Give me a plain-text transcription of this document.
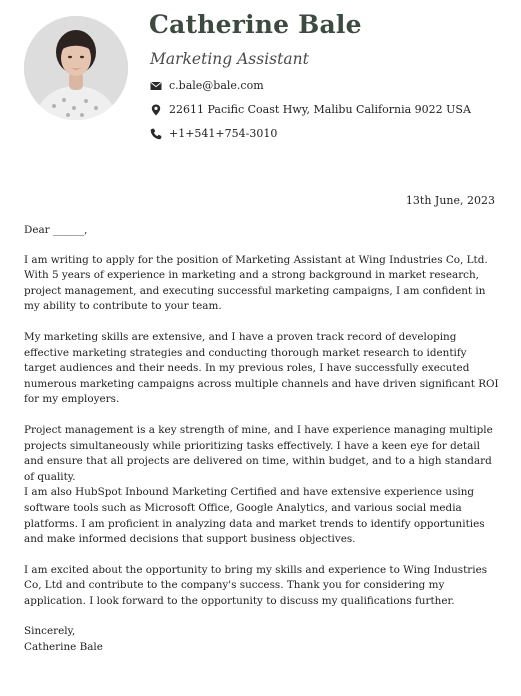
Catherine Bale
Marketing Assistant
c.bale@bale.com
22611 Pacific Coast Hwy, Malibu California 9022 USA
+1+541+754-3010
13th June, 2023

Dear ______,

I am writing to apply for the position of Marketing Assistant at Wing Industries Co, Ltd. With 5 years of experience in marketing and a strong background in market research, project management, and executing successful marketing campaigns, I am confident in my ability to contribute to your team.

My marketing skills are extensive, and I have a proven track record of developing effective marketing strategies and conducting thorough market research to identify target audiences and their needs. In my previous roles, I have successfully executed numerous marketing campaigns across multiple channels and have driven significant ROI for my employers.

Project management is a key strength of mine, and I have experience managing multiple projects simultaneously while prioritizing tasks effectively. I have a keen eye for detail and ensure that all projects are delivered on time, within budget, and to a high standard of quality.

I am also HubSpot Inbound Marketing Certified and have extensive experience using software tools such as Microsoft Office, Google Analytics, and various social media platforms. I am proficient in analyzing data and market trends to identify opportunities and make informed decisions that support business objectives.

I am excited about the opportunity to bring my skills and experience to Wing Industries Co, Ltd and contribute to the company's success. Thank you for considering my application. I look forward to the opportunity to discuss my qualifications further.

Sincerely,

Catherine Bale
